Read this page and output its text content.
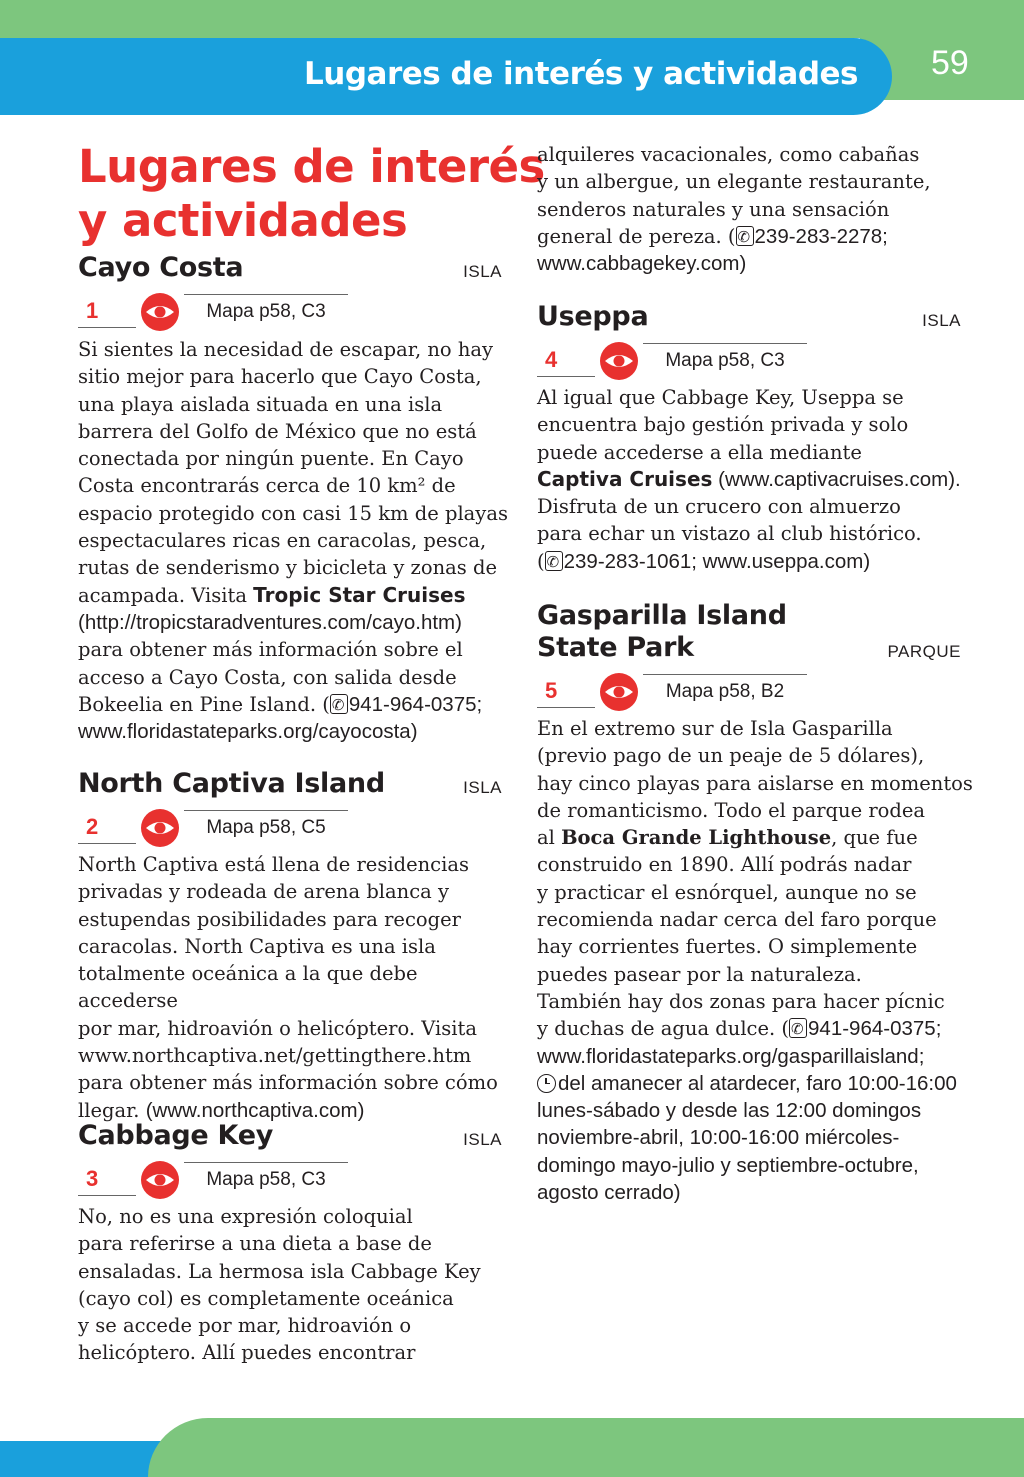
Lugares de interés y actividades 59
Lugares de interés
y actividades
Cayo Costa	ISLA
1	Mapa p58, C3

Si sientes la necesidad de escapar, no hay
sitio mejor para hacerlo que Cayo Costa,
una playa aislada situada en una isla
barrera del Golfo de México que no está
conectada por ningún puente. En Cayo
Costa encontrarás cerca de 10 km² de
espacio protegido con casi 15 km de playas
espectaculares ricas en caracolas, pesca,
rutas de senderismo y bicicleta y zonas de
acampada. Visita Tropic Star Cruises
(http://tropicstaradventures.com/cayo.htm)
para obtener más información sobre el
acceso a Cayo Costa, con salida desde
Bokeelia en Pine Island. ( ✆ 941-964-0375;
www.floridastateparks.org/cayocosta)

North Captiva Island	ISLA
2	Mapa p58, C5

North Captiva está llena de residencias
privadas y rodeada de arena blanca y
estupendas posibilidades para recoger
caracolas. North Captiva es una isla
totalmente oceánica a la que debe accederse
por mar, hidroavión o helicóptero. Visita
www.northcaptiva.net/gettingthere.htm
para obtener más información sobre cómo
llegar. (www.northcaptiva.com)

Cabbage Key	ISLA
3	Mapa p58, C3

No, no es una expresión coloquial
para referirse a una dieta a base de
ensaladas. La hermosa isla Cabbage Key
(cayo col) es completamente oceánica
y se accede por mar, hidroavión o
helicóptero. Allí puedes encontrar

alquileres vacacionales, como cabañas
y un albergue, un elegante restaurante,
senderos naturales y una sensación
general de pereza. ( ✆ 239-283-2278;
www.cabbagekey.com)

Useppa	ISLA
4	Mapa p58, C3

Al igual que Cabbage Key, Useppa se
encuentra bajo gestión privada y solo
puede accederse a ella mediante
Captiva Cruises (www.captivacruises.com).
Disfruta de un crucero con almuerzo
para echar un vistazo al club histórico.
( ✆ 239-283-1061; www.useppa.com)

Gasparilla Island
State Park	PARQUE
5	Mapa p58, B2

En el extremo sur de Isla Gasparilla
(previo pago de un peaje de 5 dólares),
hay cinco playas para aislarse en momentos
de romanticismo. Todo el parque rodea
al Boca Grande Lighthouse, que fue
construido en 1890. Allí podrás nadar
y practicar el esnórquel, aunque no se
recomienda nadar cerca del faro porque
hay corrientes fuertes. O simplemente
puedes pasear por la naturaleza.
También hay dos zonas para hacer pícnic
y duchas de agua dulce. ( ✆ 941-964-0375;
www.floridastateparks.org/gasparillaisland;
del amanecer al atardecer, faro 10:00-16:00
lunes-sábado y desde las 12:00 domingos
noviembre-abril, 10:00-16:00 miércoles-
domingo mayo-julio y septiembre-octubre,
agosto cerrado)
